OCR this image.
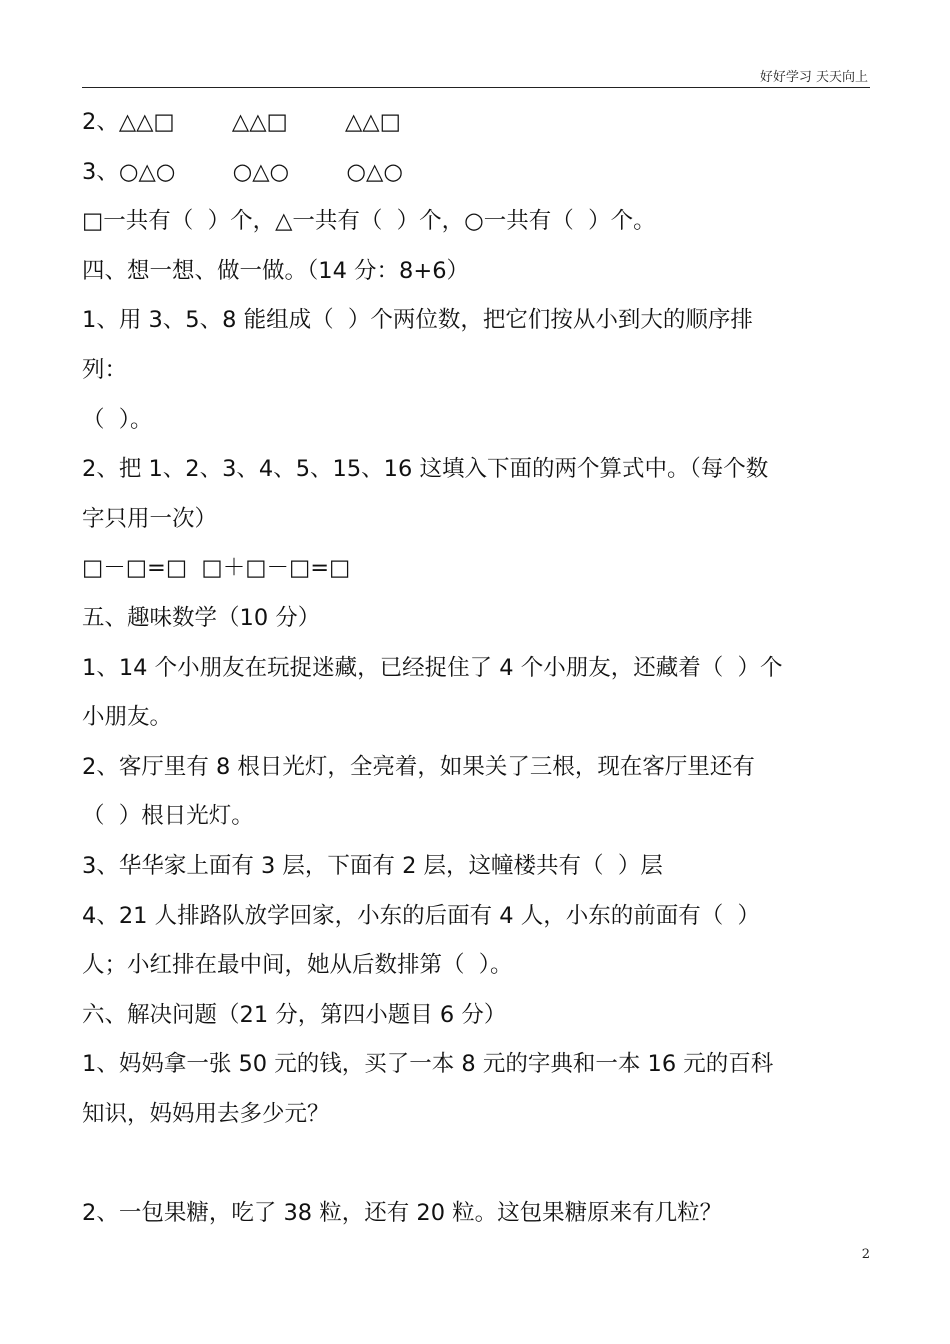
好好学习 天天向上
2、△△□        △△□        △△□
3、○△○        ○△○        ○△○
□一共有（  ）个，△一共有（  ）个，○一共有（  ）个。
四、想一想、做一做。（14 分：8+6）
1、用 3、5、8 能组成（  ）个两位数，把它们按从小到大的顺序排
列：
（  ）。
2、把 1、2、3、4、5、15、16 这填入下面的两个算式中。（每个数
字只用一次）
□－□=□  □＋□－□=□
五、趣味数学（10 分）
1、14 个小朋友在玩捉迷藏，已经捉住了 4 个小朋友，还藏着（  ）个
小朋友。
2、客厅里有 8 根日光灯，全亮着，如果关了三根，现在客厅里还有
（  ）根日光灯。
3、华华家上面有 3 层，下面有 2 层，这幢楼共有（  ）层
4、21 人排路队放学回家，小东的后面有 4 人，小东的前面有（  ）
人；小红排在最中间，她从后数排第（  ）。
六、解决问题（21 分，第四小题目 6 分）
1、妈妈拿一张 50 元的钱，买了一本 8 元的字典和一本 16 元的百科
知识，妈妈用去多少元？
2、一包果糖，吃了 38 粒，还有 20 粒。这包果糖原来有几粒？
2
